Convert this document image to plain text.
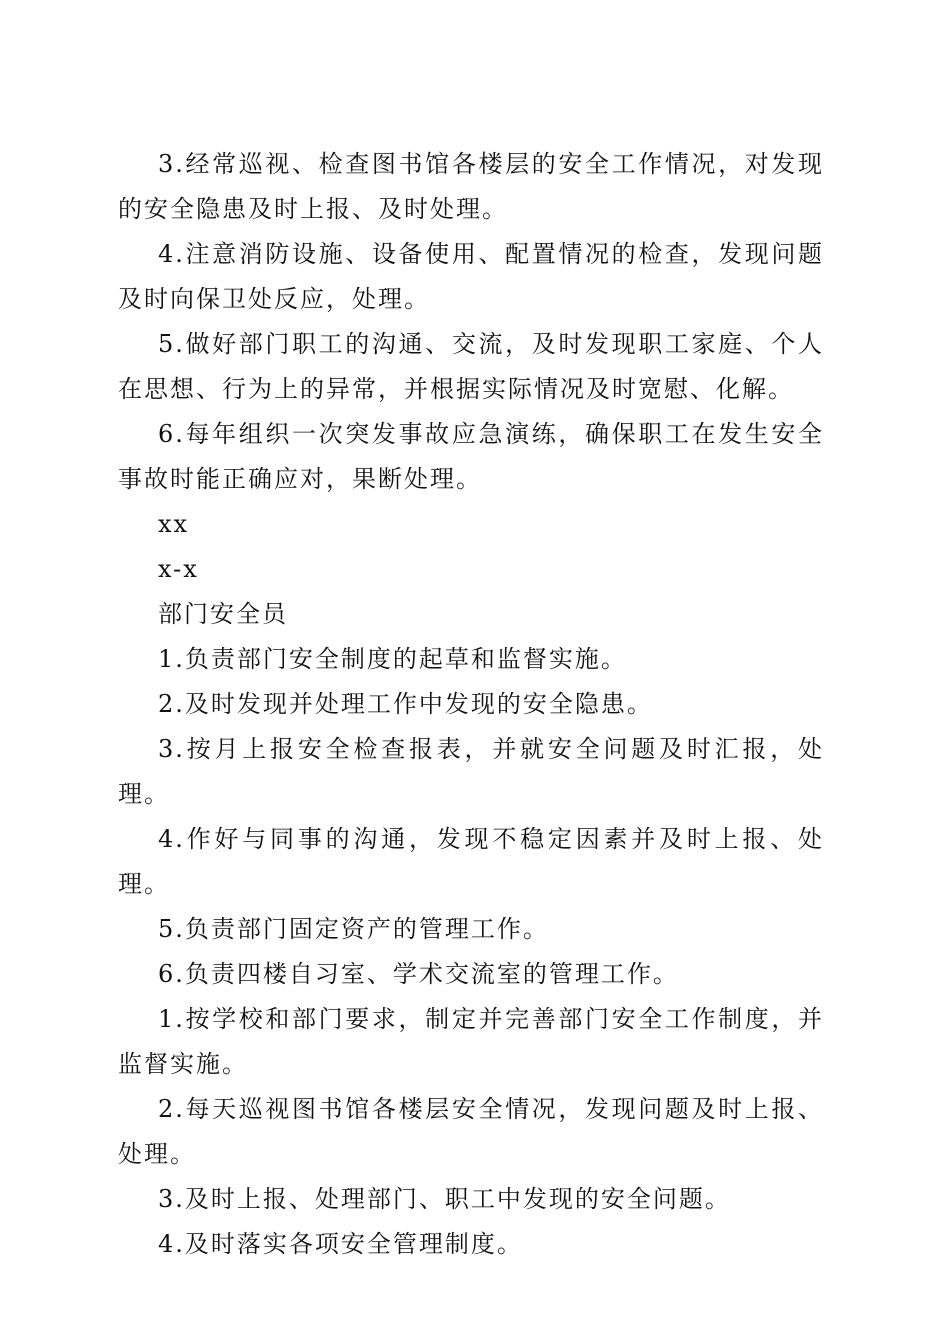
3.经常巡视、检查图书馆各楼层的安全工作情况，对发现的安全隐患及时上报、及时处理。

4.注意消防设施、设备使用、配置情况的检查，发现问题及时向保卫处反应，处理。

5.做好部门职工的沟通、交流，及时发现职工家庭、个人在思想、行为上的异常，并根据实际情况及时宽慰、化解。

6.每年组织一次突发事故应急演练，确保职工在发生安全事故时能正确应对，果断处理。

xx

x-x

部门安全员

1.负责部门安全制度的起草和监督实施。

2.及时发现并处理工作中发现的安全隐患。

3.按月上报安全检查报表，并就安全问题及时汇报，处理。

4.作好与同事的沟通，发现不稳定因素并及时上报、处理。

5.负责部门固定资产的管理工作。

6.负责四楼自习室、学术交流室的管理工作。

1.按学校和部门要求，制定并完善部门安全工作制度，并监督实施。

2.每天巡视图书馆各楼层安全情况，发现问题及时上报、处理。

3.及时上报、处理部门、职工中发现的安全问题。

4.及时落实各项安全管理制度。
